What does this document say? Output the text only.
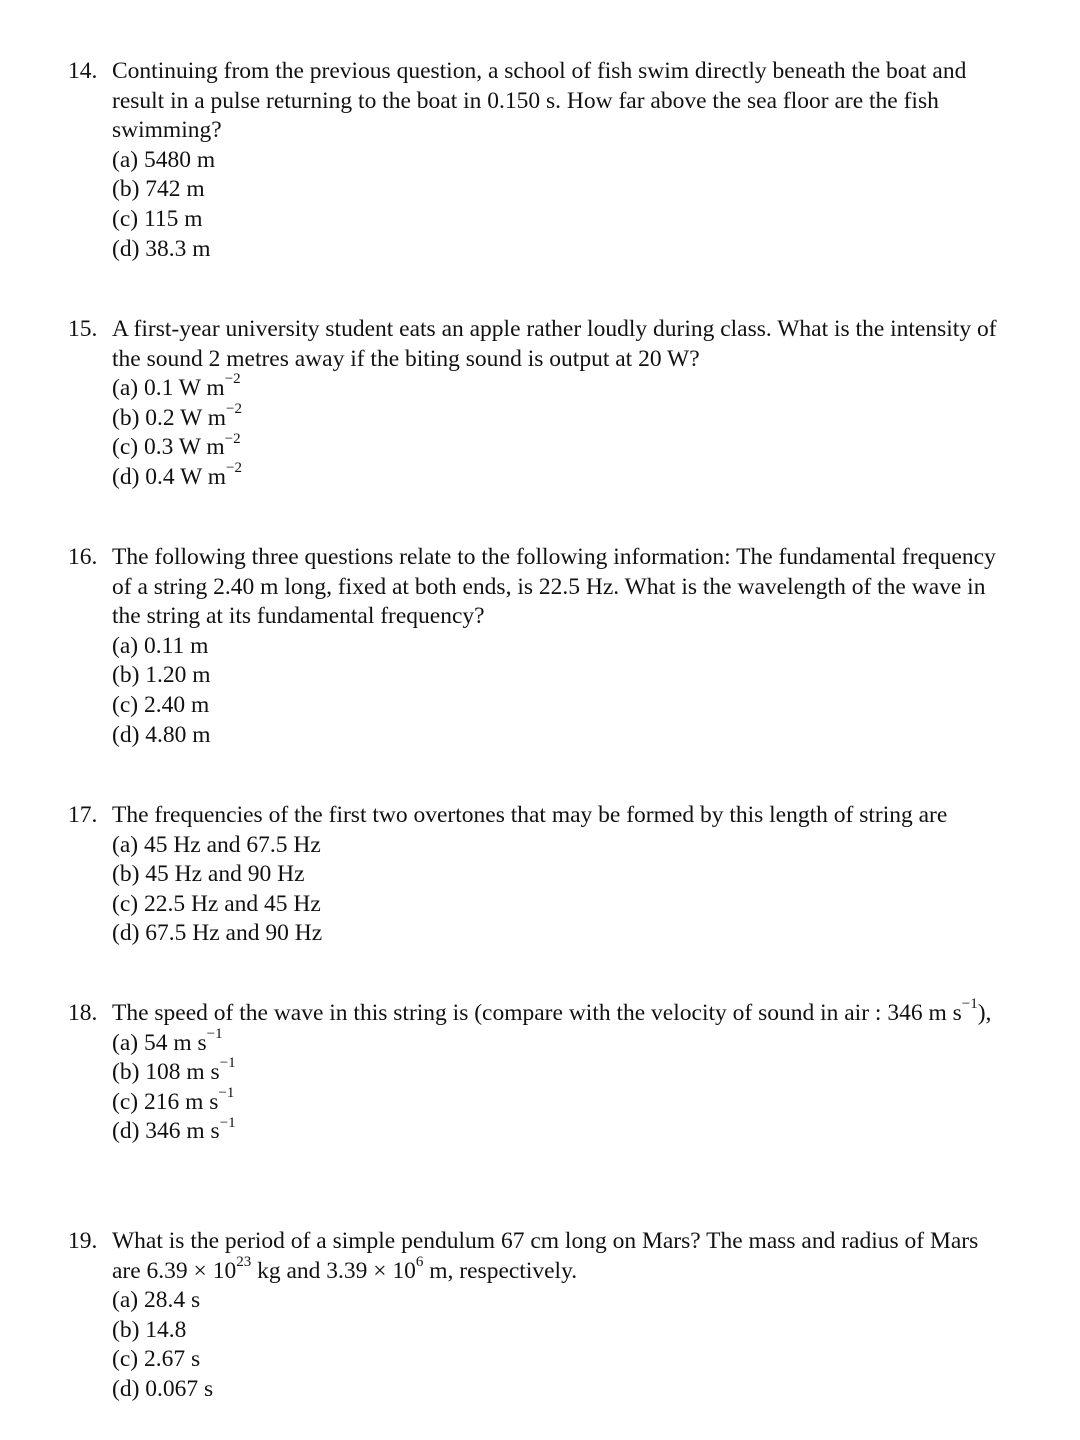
14. Continuing from the previous question, a school of fish swim directly beneath the boat and result in a pulse returning to the boat in 0.150 s. How far above the sea floor are the fish swimming?
(a) 5480 m
(b) 742 m
(c) 115 m
(d) 38.3 m
15. A first-year university student eats an apple rather loudly during class. What is the intensity of the sound 2 metres away if the biting sound is output at 20 W?
(a) 0.1 W $m^{-2}$
(b) 0.2 W $m^{-2}$
(c) 0.3 W $m^{-2}$
(d) 0.4 W $m^{-2}$
16. The following three questions relate to the following information: The fundamental frequency of a string 2.40 m long, fixed at both ends, is 22.5 Hz. What is the wavelength of the wave in the string at its fundamental frequency?
(a) 0.11 m
(b) 1.20 m
(c) 2.40 m
(d) 4.80 m
17. The frequencies of the first two overtones that may be formed by this length of string are
(a) 45 Hz and 67.5 Hz
(b) 45 Hz and 90 Hz
(c) 22.5 Hz and 45 Hz
(d) 67.5 Hz and 90 Hz
18. The speed of the wave in this string is (compare with the velocity of sound in air : 346 m $s^{-1}$),
(a) 54 m $s^{-1}$
(b) 108 m $s^{-1}$
(c) 216 m $s^{-1}$
(d) 346 m $s^{-1}$
19. What is the period of a simple pendulum 67 cm long on Mars? The mass and radius of Mars are $6.39 \times 10^{23}$ kg and $3.39 \times 10^6$ m, respectively.
(a) 28.4 s
(b) 14.8
(c) 2.67 s
(d) 0.067 s
